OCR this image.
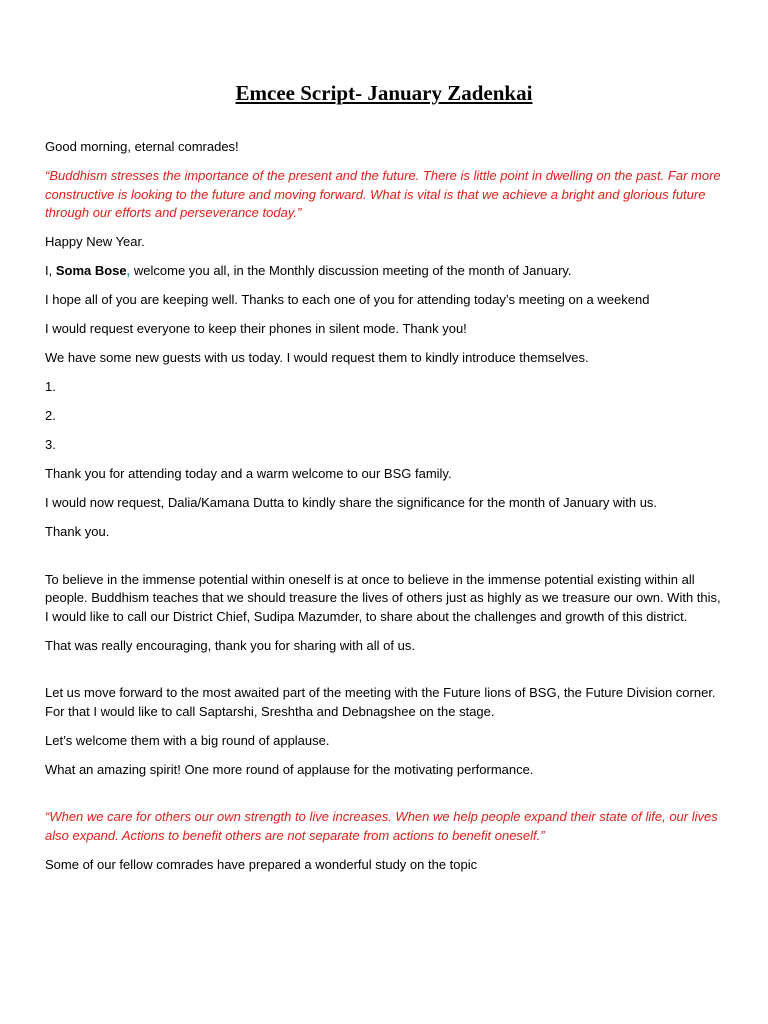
Emcee Script- January Zadenkai

Good morning, eternal comrades!

“Buddhism stresses the importance of the present and the future. There is little point in dwelling on the past. Far more constructive is looking to the future and moving forward. What is vital is that we achieve a bright and glorious future through our efforts and perseverance today.”

Happy New Year.

I, Soma Bose, welcome you all, in the Monthly discussion meeting of the month of January.

I hope all of you are keeping well. Thanks to each one of you for attending today’s meeting on a weekend

I would request everyone to keep their phones in silent mode. Thank you!

We have some new guests with us today. I would request them to kindly introduce themselves.

1.

2.

3.

Thank you for attending today and a warm welcome to our BSG family.

I would now request, Dalia/Kamana Dutta to kindly share the significance for the month of January with us.

Thank you.

To believe in the immense potential within oneself is at once to believe in the immense potential existing within all people. Buddhism teaches that we should treasure the lives of others just as highly as we treasure our own. With this, I would like to call our District Chief, Sudipa Mazumder, to share about the challenges and growth of this district.

That was really encouraging, thank you for sharing with all of us.

Let us move forward to the most awaited part of the meeting with the Future lions of BSG, the Future Division corner. For that I would like to call Saptarshi, Sreshtha and Debnagshee on the stage.

Let’s welcome them with a big round of applause.

What an amazing spirit! One more round of applause for the motivating performance.

“When we care for others our own strength to live increases. When we help people expand their state of life, our lives also expand. Actions to benefit others are not separate from actions to benefit oneself.”

Some of our fellow comrades have prepared a wonderful study on the topic
